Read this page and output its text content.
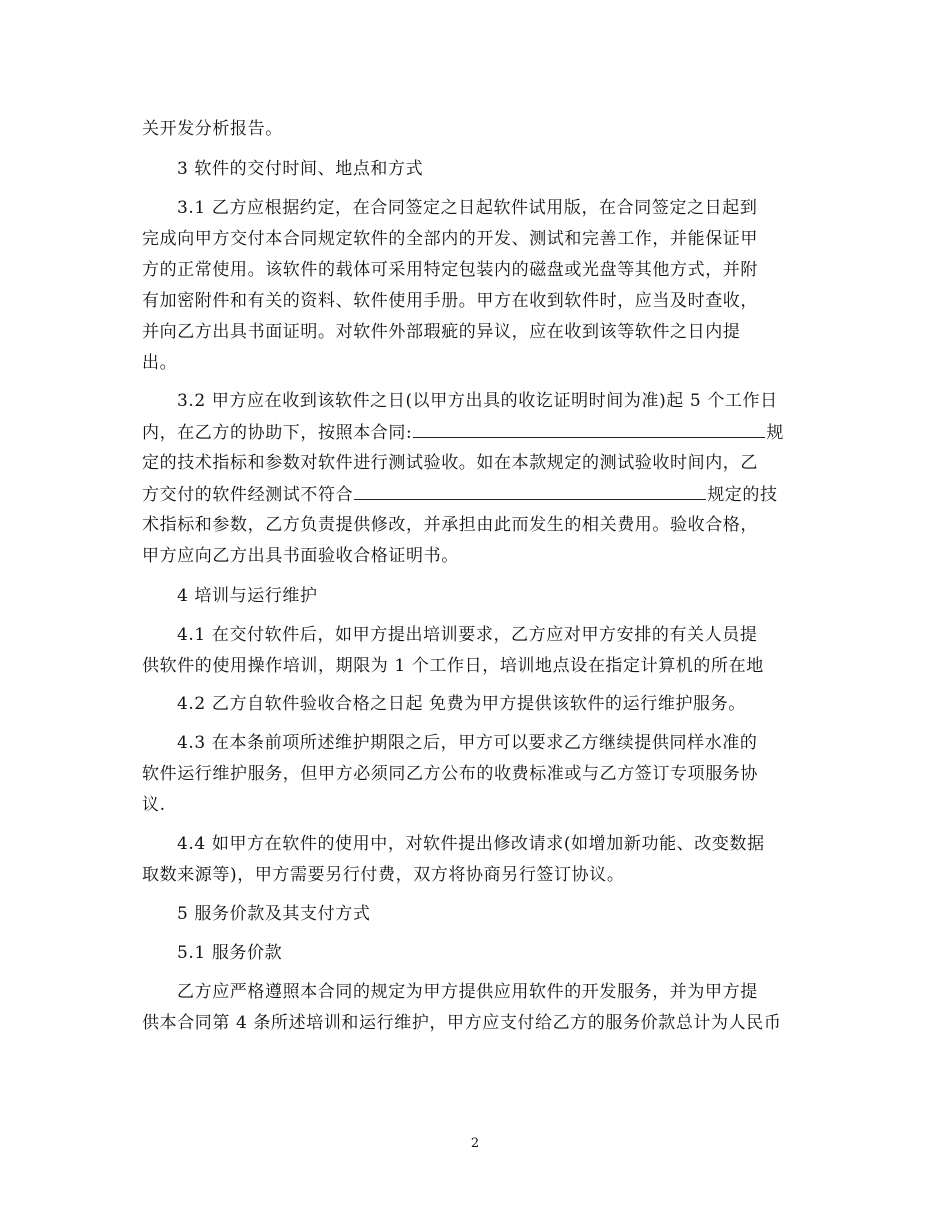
关开发分析报告。
3 软件的交付时间、地点和方式
3.1 乙方应根据约定，在合同签定之日起软件试用版，在合同签定之日起到
完成向甲方交付本合同规定软件的全部内的开发、测试和完善工作，并能保证甲
方的正常使用。该软件的载体可采用特定包装内的磁盘或光盘等其他方式，并附
有加密附件和有关的资料、软件使用手册。甲方在收到软件时，应当及时查收，
并向乙方出具书面证明。对软件外部瑕疵的异议，应在收到该等软件之日内提
出。
3.2 甲方应在收到该软件之日(以甲方出具的收讫证明时间为准)起 5 个工作日
内，在乙方的协助下，按照本合同:	规
定的技术指标和参数对软件进行测试验收。如在本款规定的测试验收时间内，乙
方交付的软件经测试不符合	规定的技
术指标和参数，乙方负责提供修改，并承担由此而发生的相关费用。验收合格，
甲方应向乙方出具书面验收合格证明书。
4 培训与运行维护
4.1 在交付软件后，如甲方提出培训要求，乙方应对甲方安排的有关人员提
供软件的使用操作培训，期限为 1 个工作日，培训地点设在指定计算机的所在地
4.2 乙方自软件验收合格之日起 免费为甲方提供该软件的运行维护服务。
4.3 在本条前项所述维护期限之后，甲方可以要求乙方继续提供同样水准的
软件运行维护服务，但甲方必须同乙方公布的收费标准或与乙方签订专项服务协
议.
4.4 如甲方在软件的使用中，对软件提出修改请求(如增加新功能、改变数据
取数来源等)，甲方需要另行付费，双方将协商另行签订协议。
5 服务价款及其支付方式
5.1 服务价款
乙方应严格遵照本合同的规定为甲方提供应用软件的开发服务，并为甲方提
供本合同第 4 条所述培训和运行维护，甲方应支付给乙方的服务价款总计为人民币
2
